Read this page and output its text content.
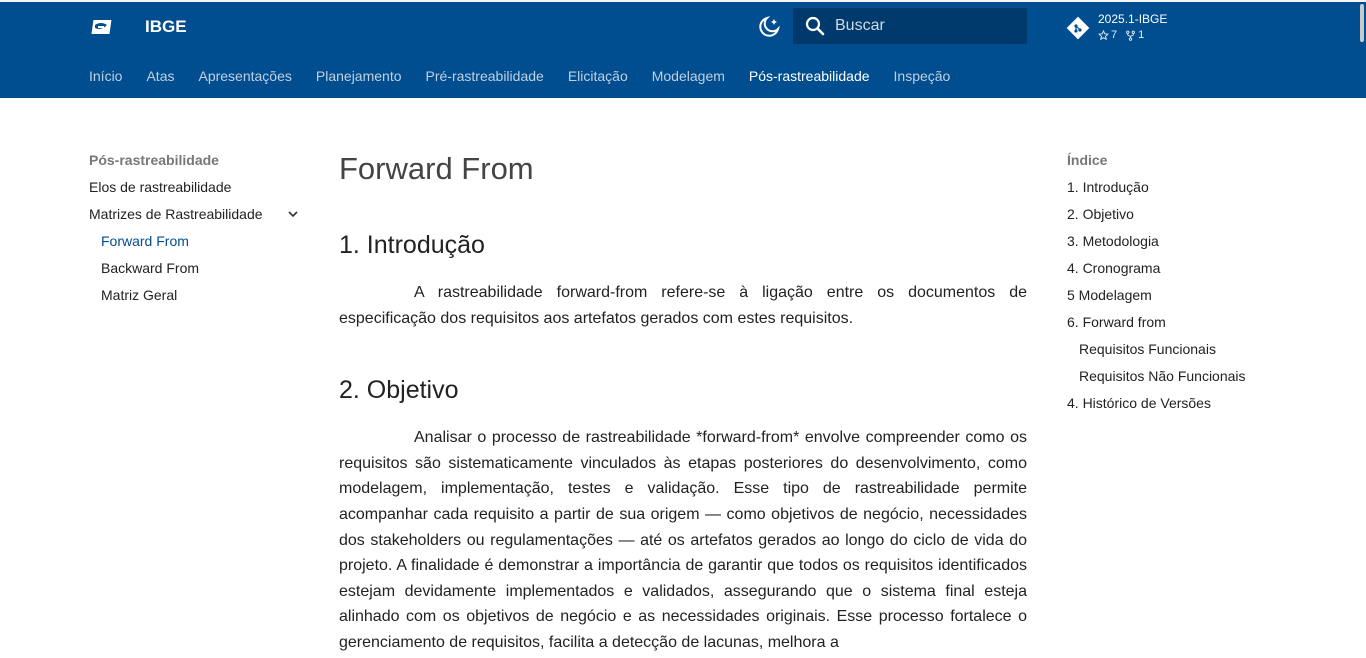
IBGE
Buscar	2025.1-IBGE
7 1
Início Atas Apresentações Planejamento Pré-rastreabilidade Elicitação Modelagem Pós-rastreabilidade Inspeção
Pós-rastreabilidade
Elos de rastreabilidade
Matrizes de Rastreabilidade
Forward From
Backward From
Matriz Geral
Forward From
1. Introdução

A rastreabilidade forward-from refere-se à ligação entre os documentos de especificação dos requisitos aos artefatos gerados com estes requisitos.

2. Objetivo

Analisar o processo de rastreabilidade *forward-from* envolve compreender como os requisitos são sistematicamente vinculados às etapas posteriores do desenvolvimento, como modelagem, implementação, testes e validação. Esse tipo de rastreabilidade permite acompanhar cada requisito a partir de sua origem — como objetivos de negócio, necessidades dos stakeholders ou regulamentações — até os artefatos gerados ao longo do ciclo de vida do projeto. A finalidade é demonstrar a importância de garantir que todos os requisitos identificados estejam devidamente implementados e validados, assegurando que o sistema final esteja alinhado com os objetivos de negócio e as necessidades originais. Esse processo fortalece o gerenciamento de requisitos, facilita a detecção de lacunas, melhora a

Índice
1. Introdução
2. Objetivo
3. Metodologia
4. Cronograma
5 Modelagem
6. Forward from
Requisitos Funcionais
Requisitos Não Funcionais
4. Histórico de Versões
